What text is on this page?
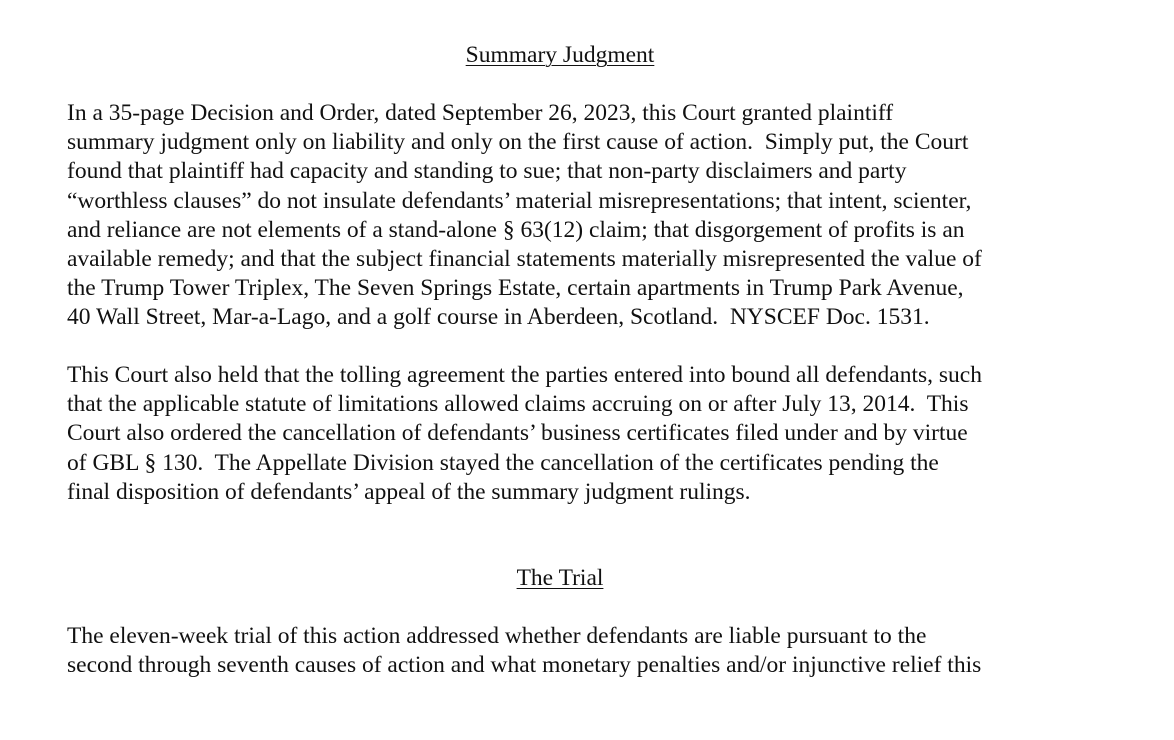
Summary Judgment

In a 35-page Decision and Order, dated September 26, 2023, this Court granted plaintiff
summary judgment only on liability and only on the first cause of action.  Simply put, the Court
found that plaintiff had capacity and standing to sue; that non-party disclaimers and party
“worthless clauses” do not insulate defendants’ material misrepresentations; that intent, scienter,
and reliance are not elements of a stand-alone § 63(12) claim; that disgorgement of profits is an
available remedy; and that the subject financial statements materially misrepresented the value of
the Trump Tower Triplex, The Seven Springs Estate, certain apartments in Trump Park Avenue,
40 Wall Street, Mar-a-Lago, and a golf course in Aberdeen, Scotland.  NYSCEF Doc. 1531.

This Court also held that the tolling agreement the parties entered into bound all defendants, such
that the applicable statute of limitations allowed claims accruing on or after July 13, 2014.  This
Court also ordered the cancellation of defendants’ business certificates filed under and by virtue
of GBL § 130.  The Appellate Division stayed the cancellation of the certificates pending the
final disposition of defendants’ appeal of the summary judgment rulings.

The Trial

The eleven-week trial of this action addressed whether defendants are liable pursuant to the
second through seventh causes of action and what monetary penalties and/or injunctive relief this
